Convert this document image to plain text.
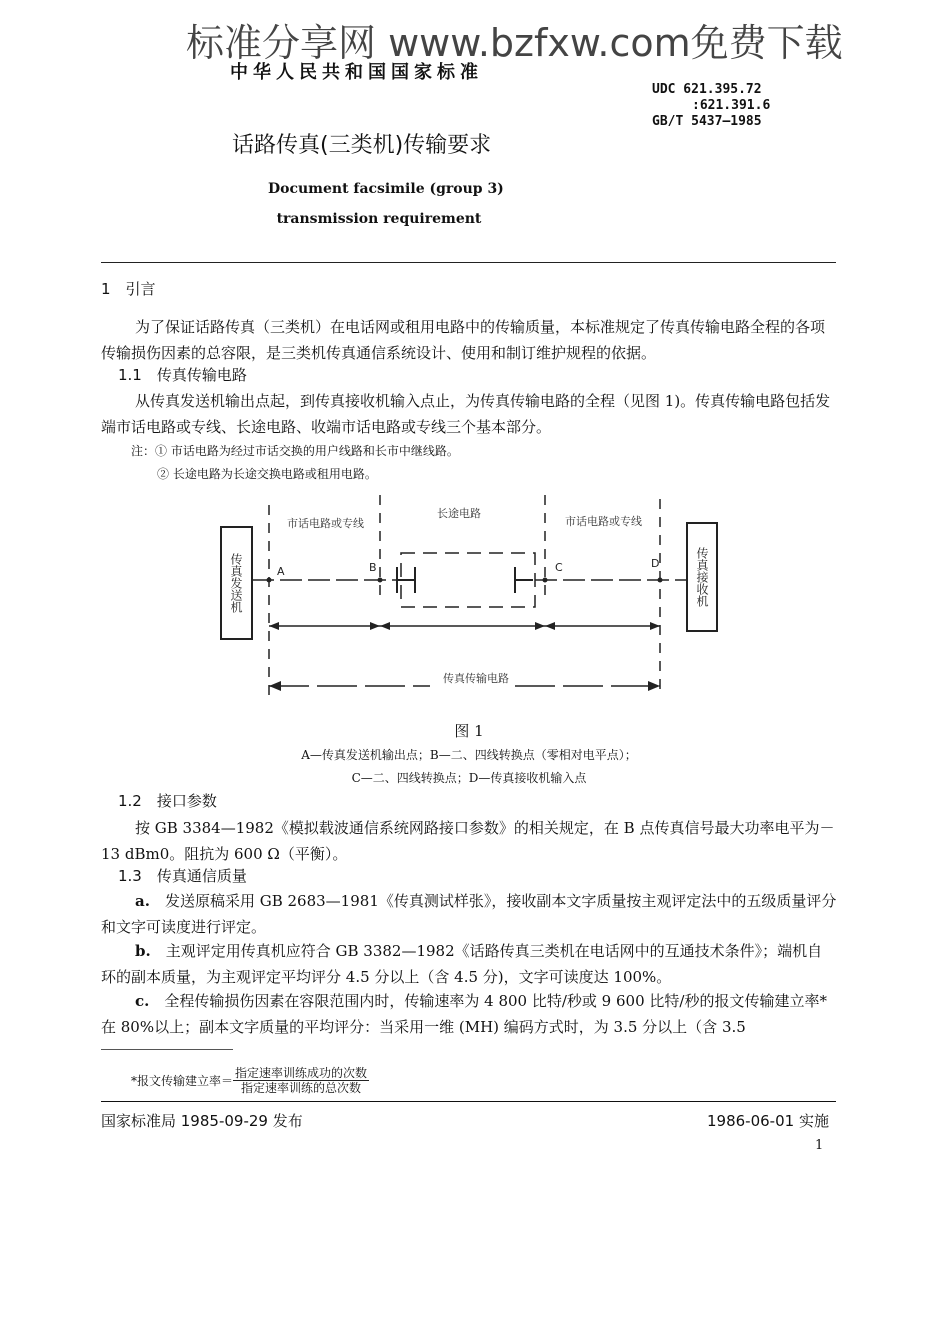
标准分享网 www.bzfxw.com免费下载
中华人民共和国国家标准
UDC 621.395.72
:621.391.6
GB/T 5437—1985
话路传真(三类机)传输要求
Document facsimile (group 3)
transmission requirement
1　引言
为了保证话路传真（三类机）在电话网或租用电路中的传输质量，本标准规定了传真传输电路全程的各项传输损伤因素的总容限，是三类机传真通信系统设计、使用和制订维护规程的依据。
1.1　传真传输电路
从传真发送机输出点起，到传真接收机输入点止，为传真传输电路的全程（见图 1)。传真传输电路包括发端市话电路或专线、长途电路、收端市话电路或专线三个基本部分。
注：① 市话电路为经过市话交换的用户线路和长市中继线路。
② 长途电路为长途交换电路或租用电路。
市话电路或专线
长途电路
市话电路或专线
A	B	C	D
传真传输电路
传真发送机	传真接收机
图 1
A—传真发送机输出点；B—二、四线转换点（零相对电平点）；
C—二、四线转换点；D—传真接收机输入点
1.2　接口参数
按 GB 3384—1982《模拟载波通信系统网路接口参数》的相关规定，在 B 点传真信号最大功率电平为－13 dBm0。阻抗为 600 Ω（平衡）。
1.3　传真通信质量
a.　 发送原稿采用 GB 2683—1981《传真测试样张》，接收副本文字质量按主观评定法中的五级质量评分和文字可读度进行评定。
b.　 主观评定用传真机应符合 GB 3382—1982《话路传真三类机在电话网中的互通技术条件》；端机自环的副本质量，为主观评定平均评分 4.5 分以上（含 4.5 分)，文字可读度达 100%。
c.　 全程传输损伤因素在容限范围内时，传输速率为 4 800 比特/秒或 9 600 比特/秒的报文传输建立率*在 80%以上；副本文字质量的平均评分：当采用一维 (MH) 编码方式时，为 3.5 分以上（含 3.5
*报文传输建立率＝ $\frac{\text{指定速率训练成功的次数}}{\text{指定速率训练的总次数}}$
国家标准局 1985-09-29 发布	1986-06-01 实施
1
